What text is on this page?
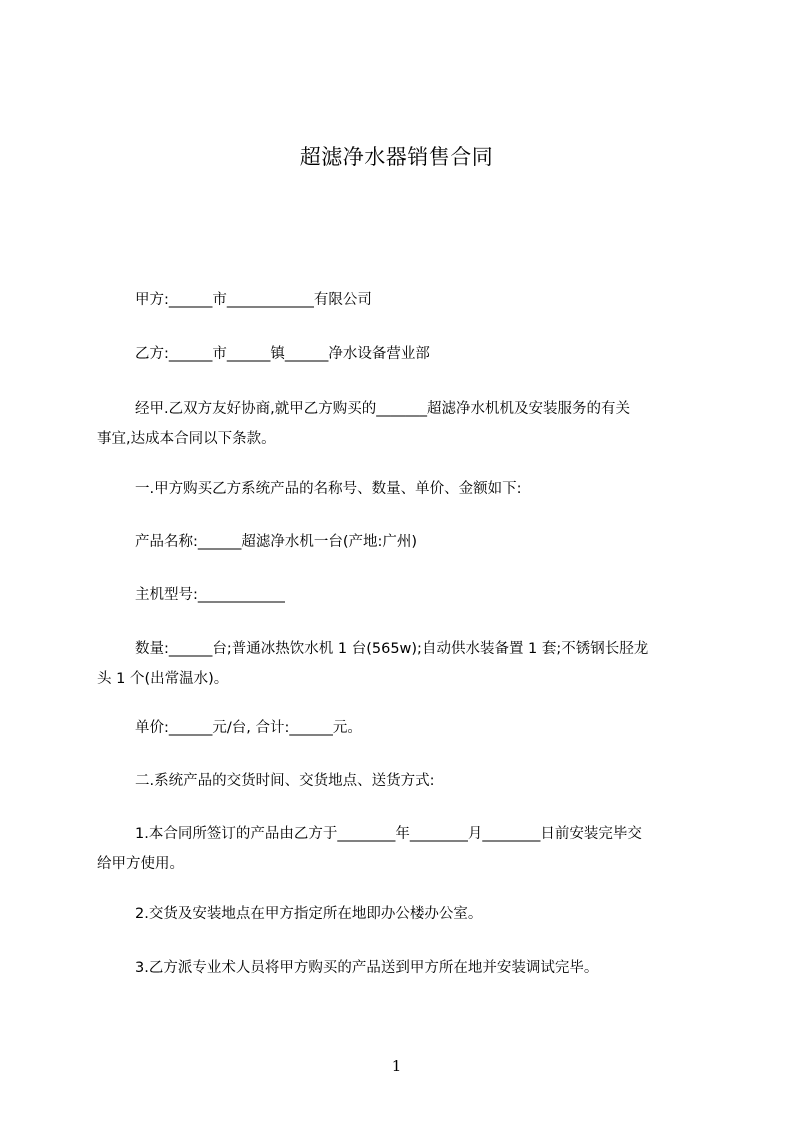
超滤净水器销售合同
甲方:______市____________有限公司
乙方:______市______镇______净水设备营业部
经甲.乙双方友好协商,就甲乙方购买的_______超滤净水机机及安装服务的有关
事宜,达成本合同以下条款。
一.甲方购买乙方系统产品的名称号、数量、单价、金额如下:
产品名称:______超滤净水机一台(产地:广州)
主机型号:____________
数量:______台;普通冰热饮水机 1 台(565w);自动供水装备置 1 套;不锈钢长胫龙
头 1 个(出常温水)。
单价:______元/台, 合计:______元。
二.系统产品的交货时间、交货地点、送货方式:
1.本合同所签订的产品由乙方于________年________月________日前安装完毕交
给甲方使用。
2.交货及安装地点在甲方指定所在地即办公楼办公室。
3.乙方派专业术人员将甲方购买的产品送到甲方所在地并安装调试完毕。
1
